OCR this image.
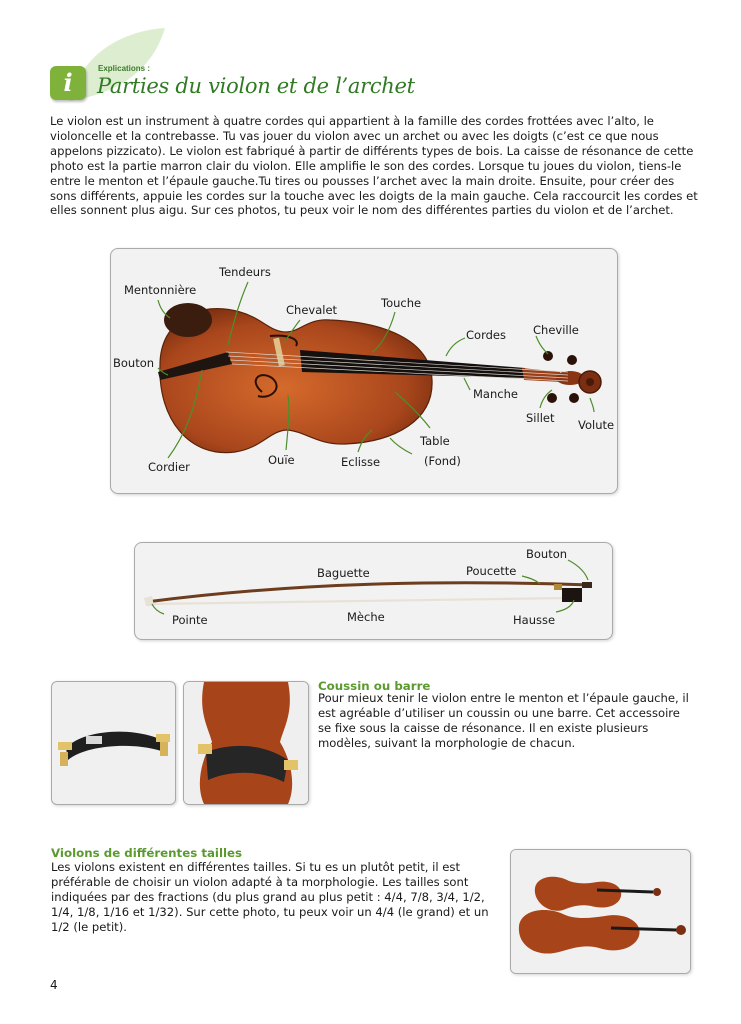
i	Explications :
Parties du violon et de l’archet
Le violon est un instrument à quatre cordes qui appartient à la famille des cordes frottées avec l’alto, le violoncelle et la contrebasse. Tu vas jouer du violon avec un archet ou avec les doigts (c’est ce que nous appelons pizzicato). Le violon est fabriqué à partir de différents types de bois. La caisse de résonance de cette photo est la partie marron clair du violon. Elle amplifie le son des cordes. Lorsque tu joues du violon, tiens-le entre le menton et l’épaule gauche.Tu tires ou pousses l’archet avec la main droite. Ensuite, pour créer des sons différents, appuie les cordes sur la touche avec les doigts de la main gauche. Cela raccourcit les cordes et elles sonnent plus aigu. Sur ces photos, tu peux voir le nom des différentes parties du violon et de l’archet.
Tendeurs
Mentonnière
Chevalet	Touche
Cordes Cheville
Bouton
Manche
Sillet Volute
Table
(Fond)
Cordier	Ouïe	Eclisse
Bouton
Baguette	Poucette
Pointe	Mèche	Hausse
Coussin ou barre
Pour mieux tenir le violon entre le menton et l’épaule gauche, il est agréable d’utiliser un coussin ou une barre. Cet accessoire se fixe sous la caisse de résonance. Il en existe plusieurs modèles, suivant la morphologie de chacun.
Violons de différentes tailles
Les violons existent en différentes tailles. Si tu es un plutôt petit, il est préférable de choisir un violon adapté à ta morphologie. Les tailles sont indiquées par des fractions (du plus grand au plus petit : 4/4, 7/8, 3/4, 1/2, 1/4, 1/8, 1/16 et 1/32). Sur cette photo, tu peux voir un 4/4 (le grand) et un 1/2 (le petit).
4
